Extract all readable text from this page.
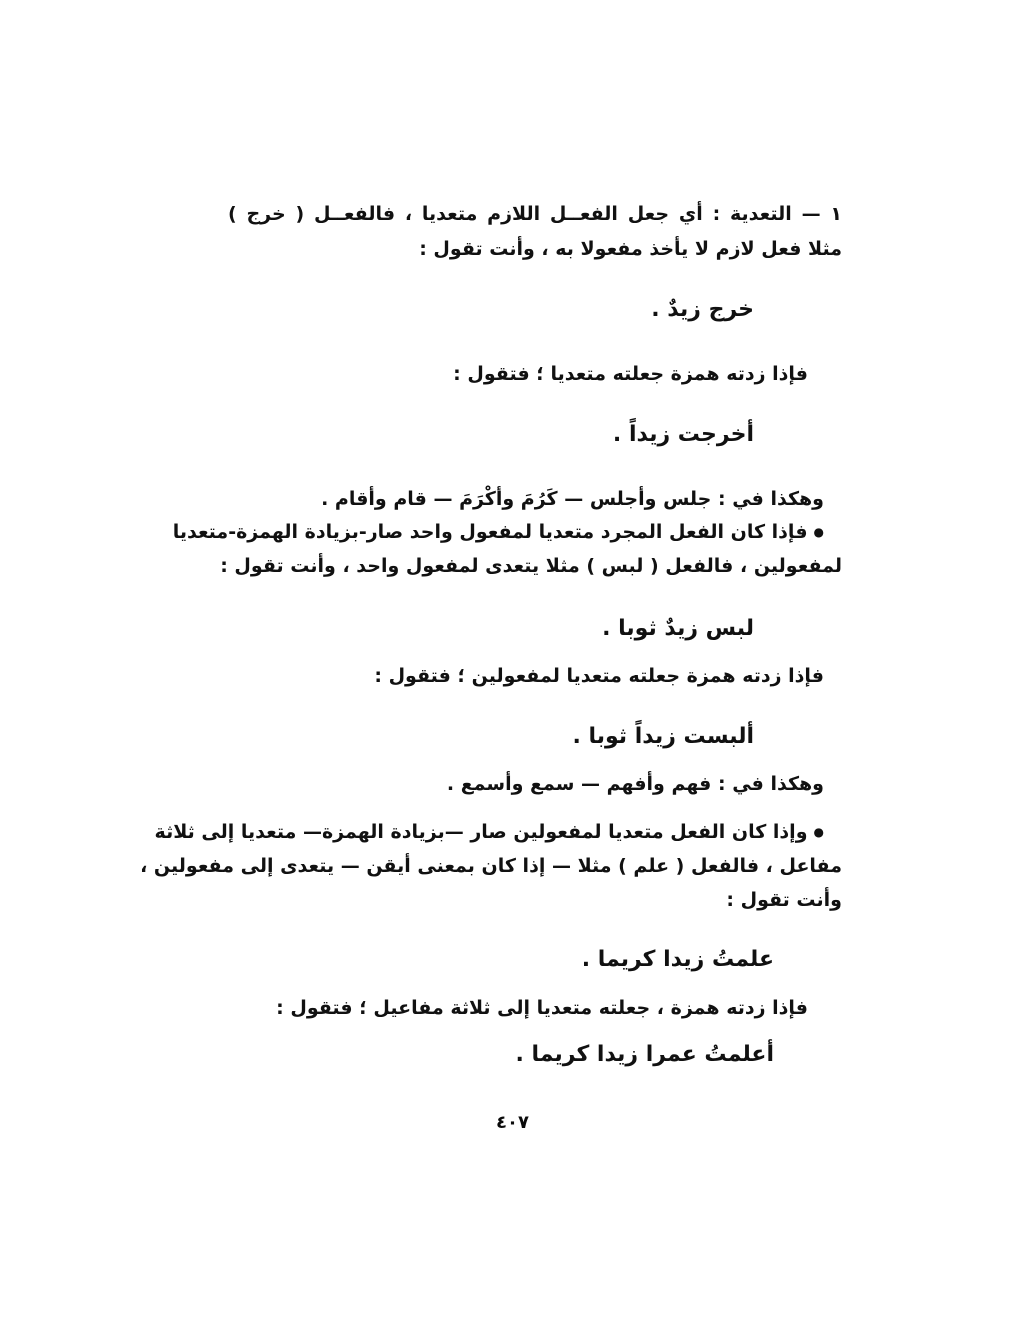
١ — التعدية : أي جعل الفعــل اللازم متعديا ، فالفعــل ( خرج )
مثلا فعل لازم لا يأخذ مفعولا به ، وأنت تقول :
خرج زيدٌ .
فإذا زدته همزة جعلته متعديا ؛ فتقول :
أخرجت زيداً .
وهكذا في : جلس وأجلس — كَرُمَ وأكْرَمَ — قام وأقام .
● فإذا كان الفعل المجرد متعديا لمفعول واحد صار-بزيادة الهمزة-متعديا
لمفعولين ، فالفعل ( لبس ) مثلا يتعدى لمفعول واحد ، وأنت تقول :
لبس زيدٌ ثوبا .
فإذا زدته همزة جعلته متعديا لمفعولين ؛ فتقول :
ألبست زيداً ثوبا .
وهكذا في : فهم وأفهم — سمع وأسمع .
● وإذا كان الفعل متعديا لمفعولين صار —بزيادة الهمزة— متعديا إلى ثلاثة
مفاعل ، فالفعل ( علم ) مثلا — إذا كان بمعنى أيقن — يتعدى إلى مفعولين ،
وأنت تقول :
علمتُ زيدا كريما .
فإذا زدته همزة ، جعلته متعديا إلى ثلاثة مفاعيل ؛ فتقول :
أعلمتُ عمرا زيدا كريما .
٤٠٧
